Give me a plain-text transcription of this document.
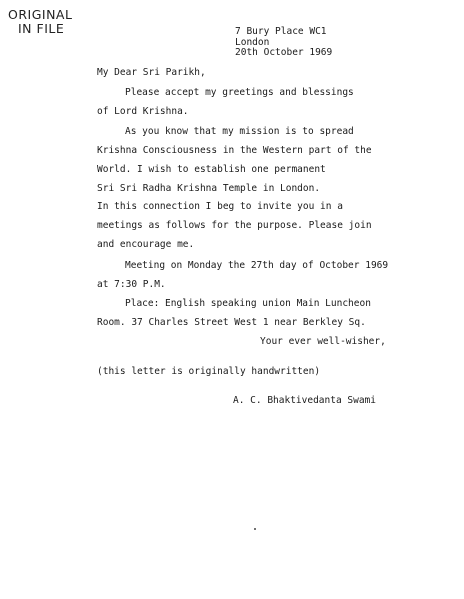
ORIGINAL
IN FILE	7 Bury Place WC1
London
20th October 1969
My Dear Sri Parikh,
Please accept my greetings and blessings
of Lord Krishna.
As you know that my mission is to spread
Krishna Consciousness in the Western part of the
World. I wish to establish one permanent
Sri Sri Radha Krishna Temple in London.
In this connection I beg to invite you in a
meetings as follows for the purpose. Please join
and encourage me.
Meeting on Monday the 27th day of October 1969
at 7:30 P.M.
Place: English speaking union Main Luncheon
Room. 37 Charles Street West 1 near Berkley Sq.
Your ever well-wisher,
(this letter is originally handwritten)
A. C. Bhaktivedanta Swami
